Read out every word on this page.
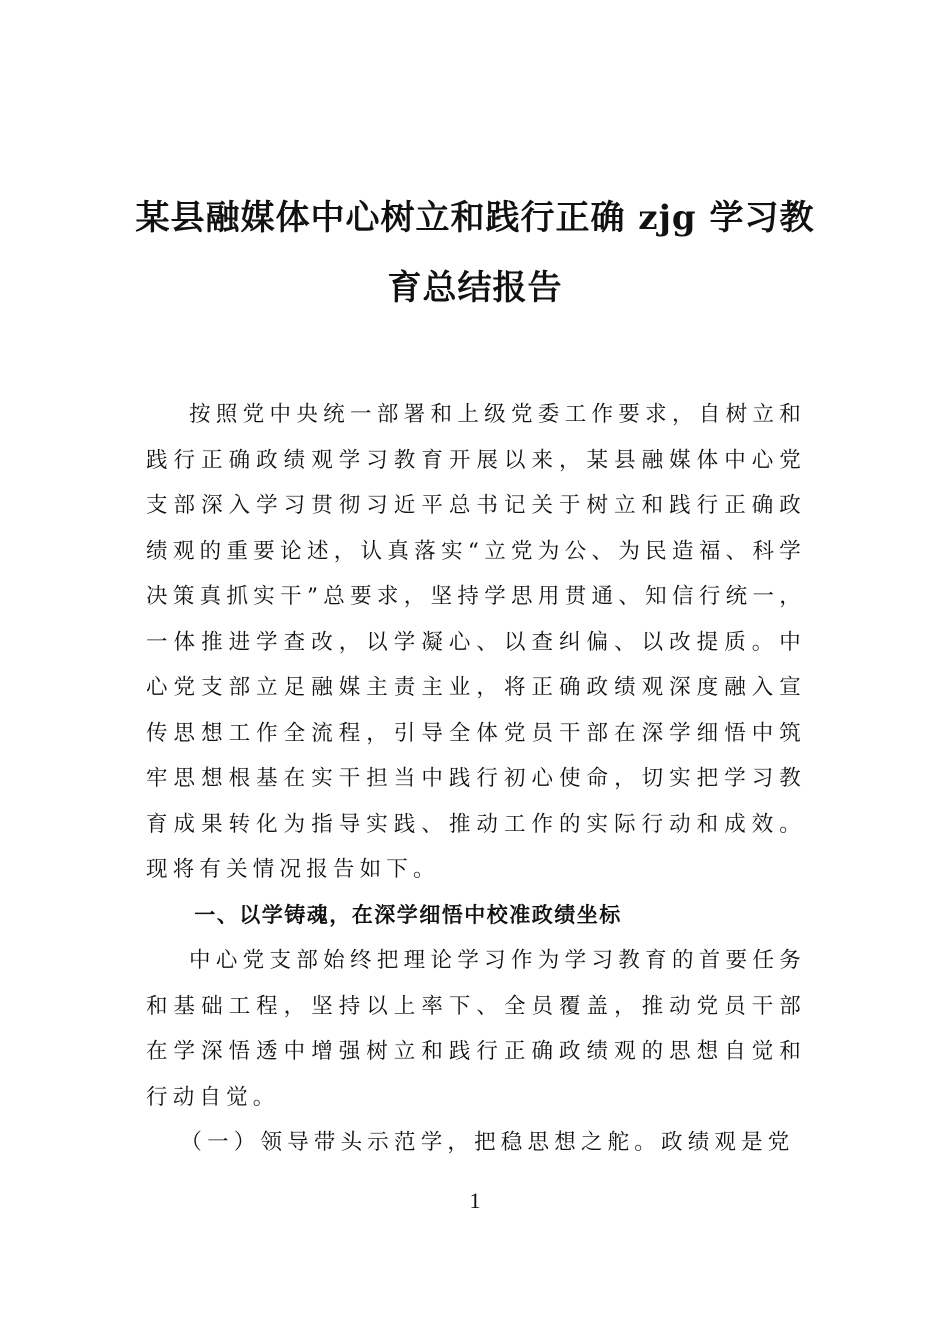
某县融媒体中心树立和践行正确 zjg 学习教
育总结报告

按照党中央统一部署和上级党委工作要求，自树立和践行正确政绩观学习教育开展以来，某县融媒体中心党支部深入学习贯彻习近平总书记关于树立和践行正确政绩观的重要论述，认真落实“立党为公、为民造福、科学决策真抓实干”总要求，坚持学思用贯通、知信行统一，一体推进学查改，以学凝心、以查纠偏、以改提质。中心党支部立足融媒主责主业，将正确政绩观深度融入宣传思想工作全流程，引导全体党员干部在深学细悟中筑牢思想根基在实干担当中践行初心使命，切实把学习教育成果转化为指导实践、推动工作的实际行动和成效。现将有关情况报告如下。

一、以学铸魂，在深学细悟中校准政绩坐标

中心党支部始终把理论学习作为学习教育的首要任务和基础工程，坚持以上率下、全员覆盖，推动党员干部在学深悟透中增强树立和践行正确政绩观的思想自觉和行动自觉。

（一）领导带头示范学，把稳思想之舵。政绩观是党

1
